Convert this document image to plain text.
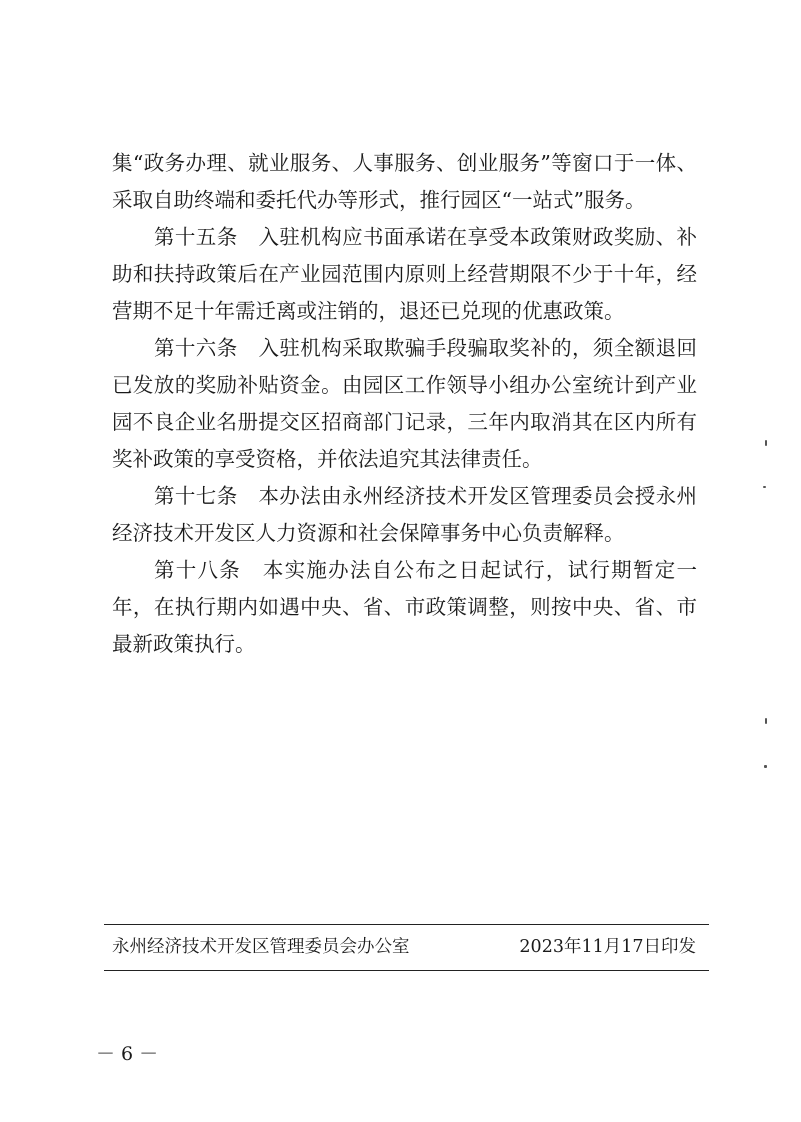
集“政务办理、就业服务、人事服务、创业服务”等窗口于一体、采取自助终端和委托代办等形式，推行园区“一站式”服务。

第十五条　入驻机构应书面承诺在享受本政策财政奖励、补助和扶持政策后在产业园范围内原则上经营期限不少于十年，经营期不足十年需迁离或注销的，退还已兑现的优惠政策。

第十六条　入驻机构采取欺骗手段骗取奖补的，须全额退回已发放的奖励补贴资金。由园区工作领导小组办公室统计到产业园不良企业名册提交区招商部门记录，三年内取消其在区内所有奖补政策的享受资格，并依法追究其法律责任。

第十七条　本办法由永州经济技术开发区管理委员会授永州经济技术开发区人力资源和社会保障事务中心负责解释。

第十八条　本实施办法自公布之日起试行，试行期暂定一年，在执行期内如遇中央、省、市政策调整，则按中央、省、市最新政策执行。

永州经济技术开发区管理委员会办公室	2023年11月17日印发
－ 6 －
